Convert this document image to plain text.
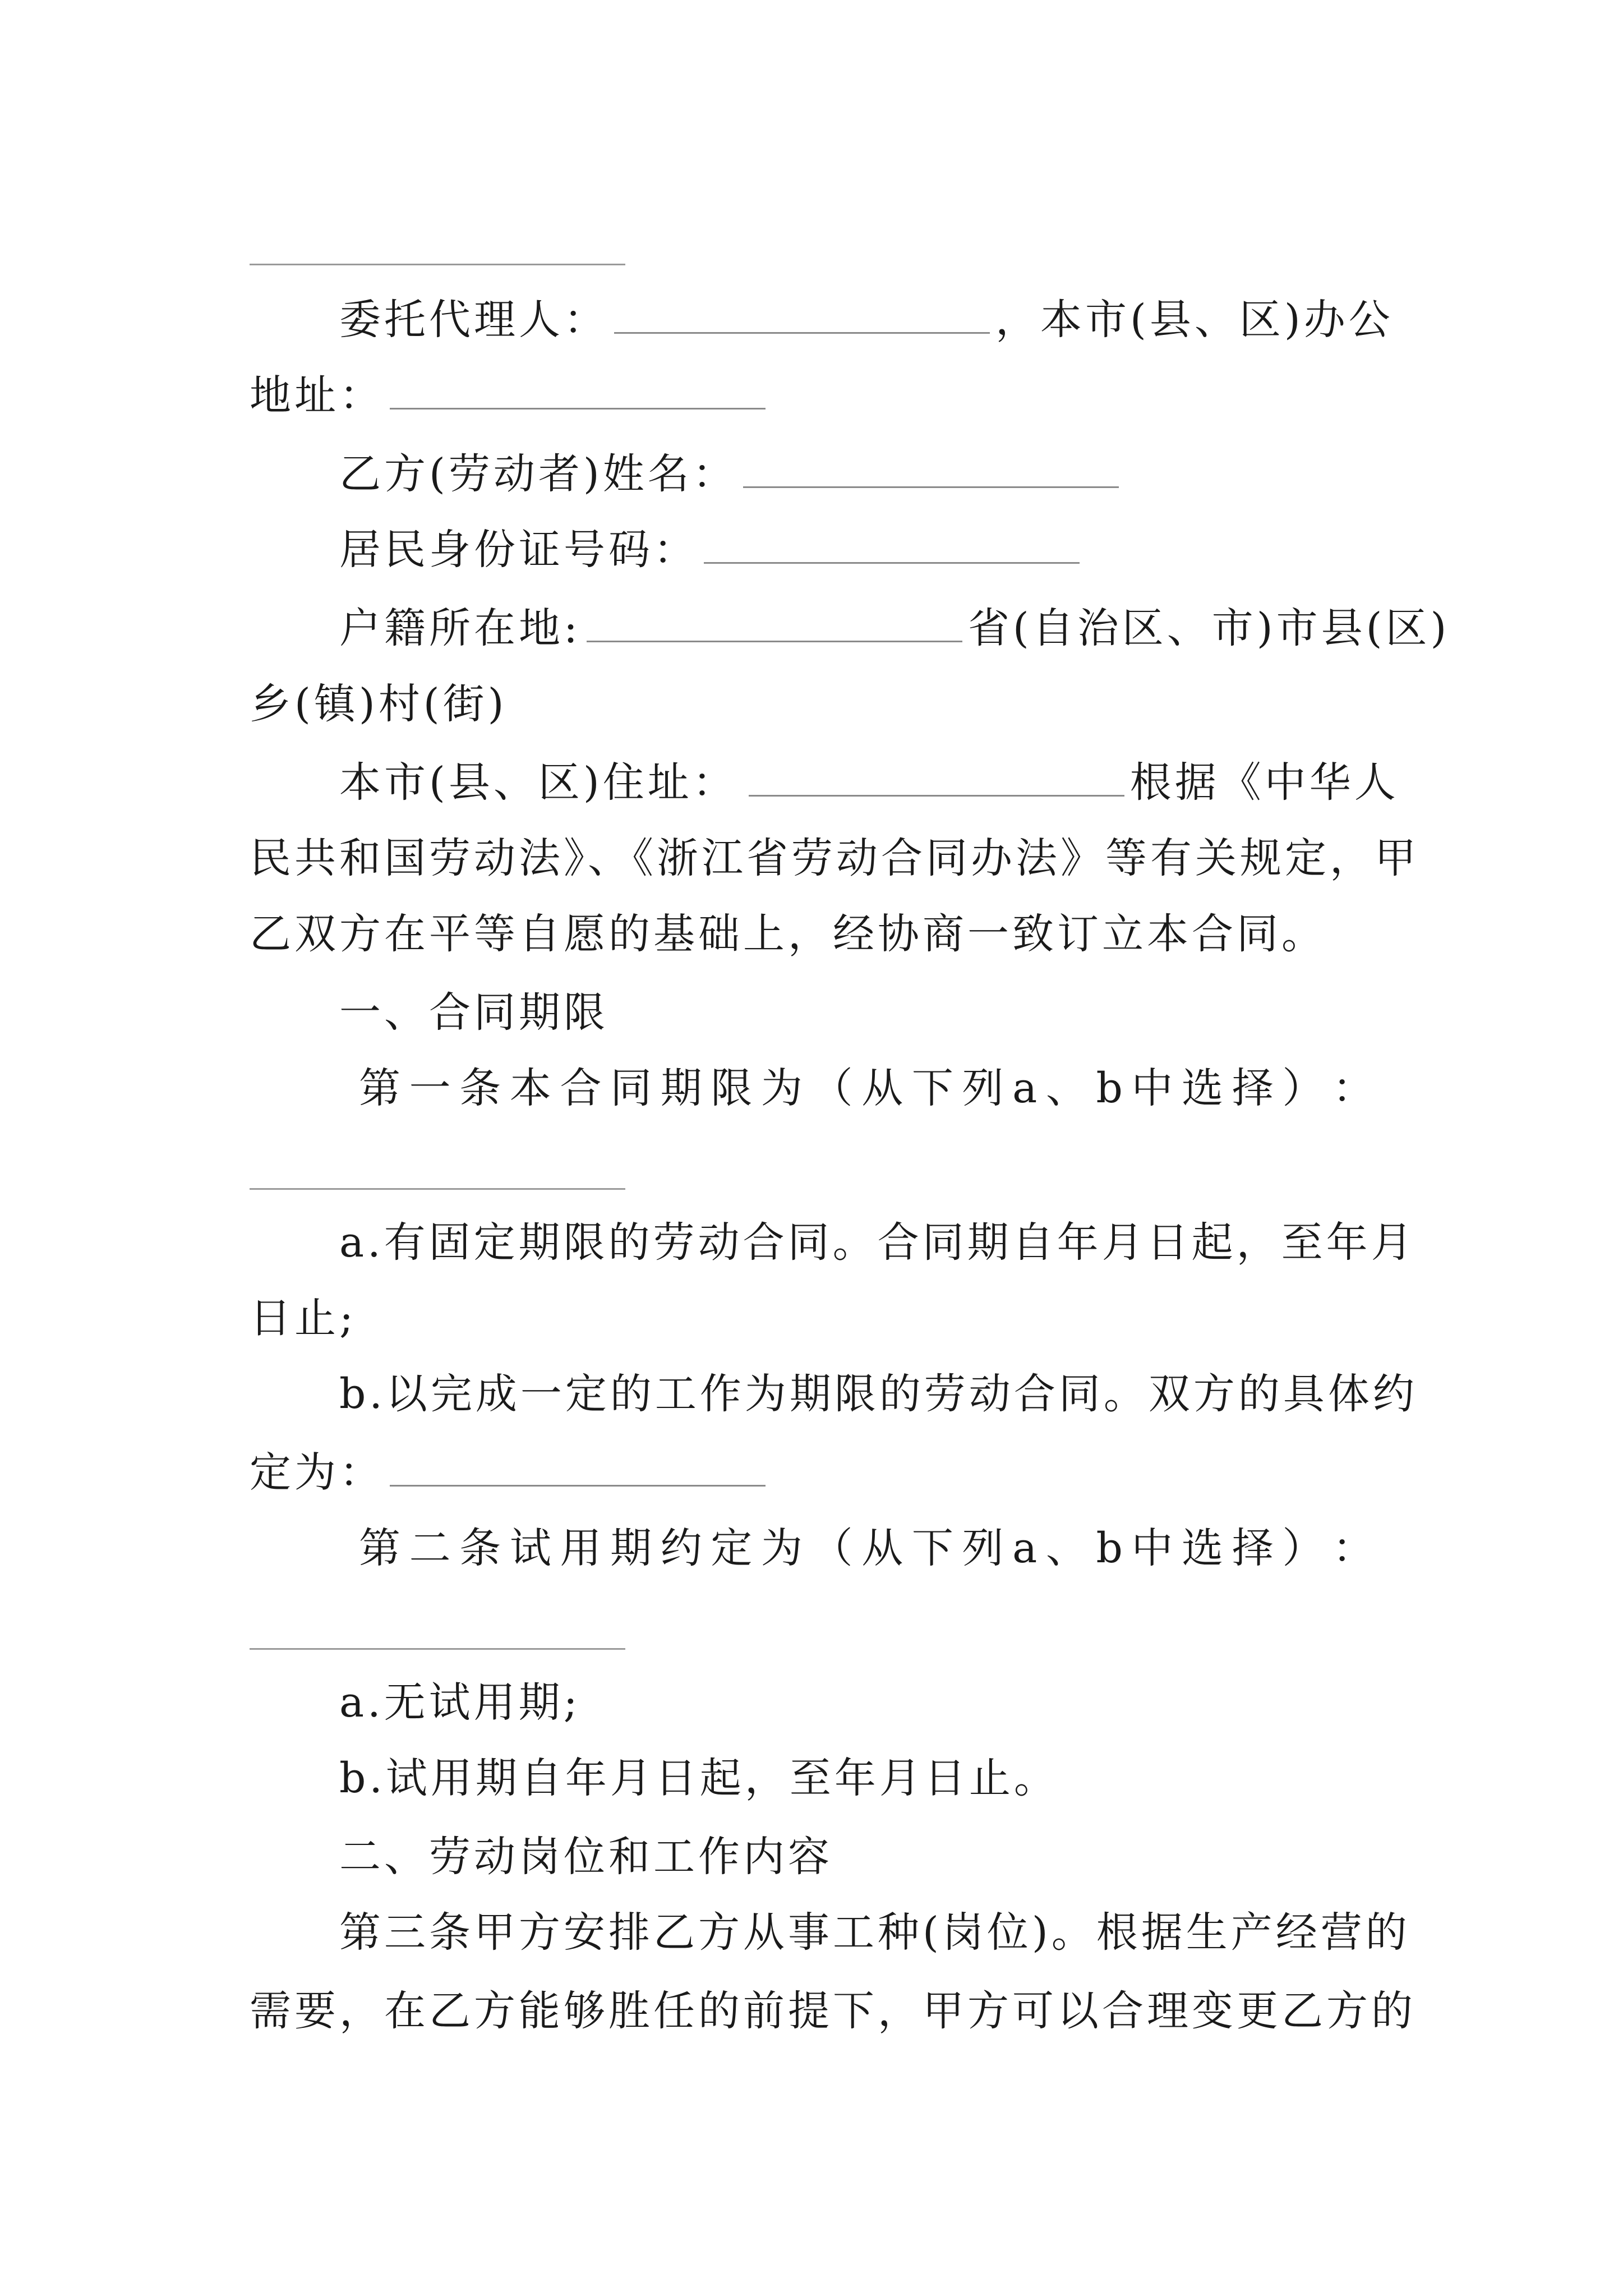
委托代理人：	，本市(县、区)办公
地址：
乙方(劳动者)姓名：
居民身份证号码：
户籍所在地:	省(自治区、市)市县(区)
乡(镇)村(街)
本市(县、区)住址：	根据《中华人
民共和国劳动法》、《浙江省劳动合同办法》等有关规定，甲
乙双方在平等自愿的基础上，经协商一致订立本合同。
一、合同期限
第 一 条 本 合 同 期 限 为 （ 从 下 列 a 、 b 中 选 择 ） ：
a.有固定期限的劳动合同。合同期自年月日起，至年月
日止;
b.以完成一定的工作为期限的劳动合同。双方的具体约
定为：
第 二 条 试 用 期 约 定 为 （ 从 下 列 a 、 b 中 选 择 ） ：
a.无试用期;
b.试用期自年月日起，至年月日止。
二、劳动岗位和工作内容
第三条甲方安排乙方从事工种(岗位)。根据生产经营的
需要，在乙方能够胜任的前提下，甲方可以合理变更乙方的
